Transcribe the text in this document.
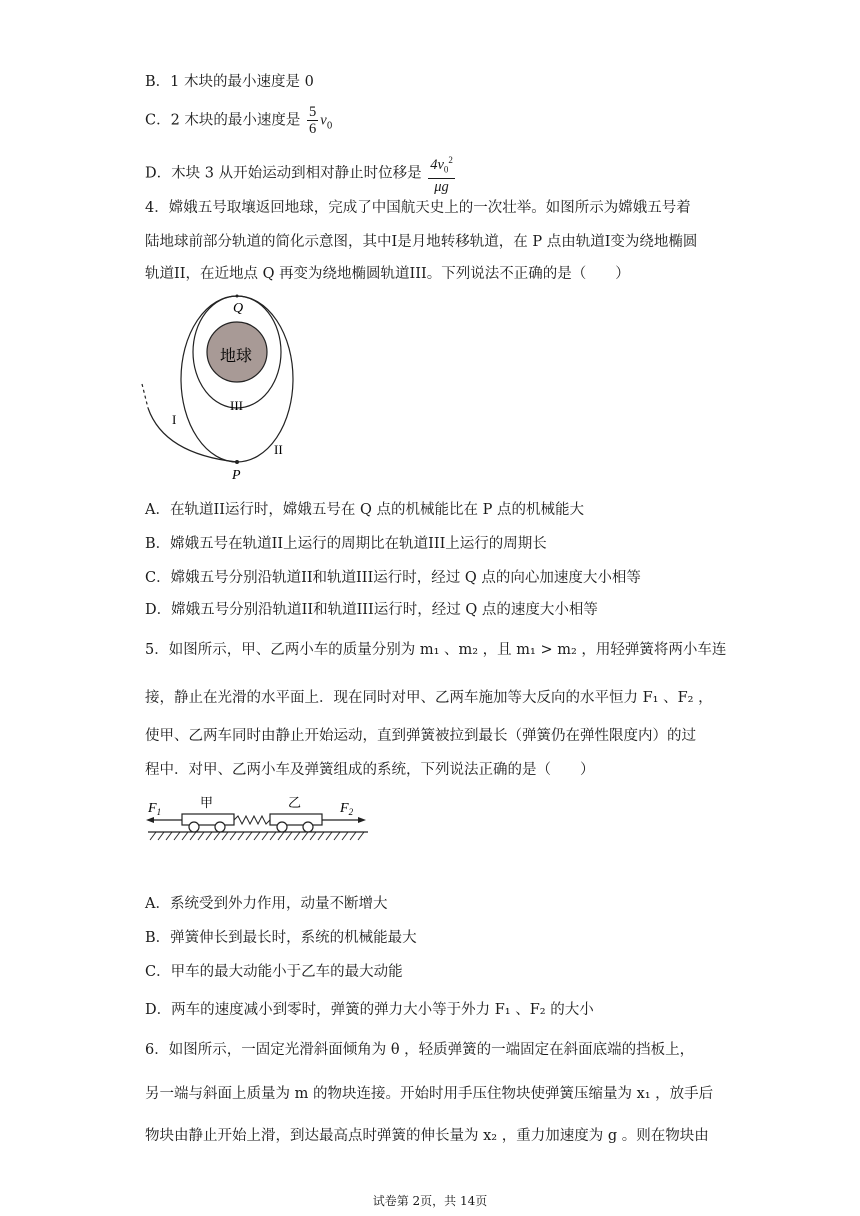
B．1 木块的最小速度是 0
C．2 木块的最小速度是 $\frac{5}{6} v_0$
D．木块 3 从开始运动到相对静止时位移是 $\frac{4v_0^2}{\mu g}$
4．嫦娥五号取壤返回地球，完成了中国航天史上的一次壮举。如图所示为嫦娥五号着
陆地球前部分轨道的简化示意图，其中I是月地转移轨道，在 P 点由轨道I变为绕地椭圆
轨道II，在近地点 Q 再变为绕地椭圆轨道III。下列说法不正确的是（　　）
Q
地球
III
I
II
P
A．在轨道II运行时，嫦娥五号在 Q 点的机械能比在 P 点的机械能大
B．嫦娥五号在轨道II上运行的周期比在轨道III上运行的周期长
C．嫦娥五号分别沿轨道II和轨道III运行时，经过 Q 点的向心加速度大小相等
D．嫦娥五号分别沿轨道II和轨道III运行时，经过 Q 点的速度大小相等
5．如图所示，甲、乙两小车的质量分别为 m₁ 、m₂ ，且 m₁ > m₂ ，用轻弹簧将两小车连
接，静止在光滑的水平面上．现在同时对甲、乙两车施加等大反向的水平恒力 F₁ 、F₂ ，
使甲、乙两车同时由静止开始运动，直到弹簧被拉到最长（弹簧仍在弹性限度内）的过
程中．对甲、乙两小车及弹簧组成的系统，下列说法正确的是（　　）
$F_1$
甲	乙	$F_2$
A．系统受到外力作用，动量不断增大
B．弹簧伸长到最长时，系统的机械能最大
C．甲车的最大动能小于乙车的最大动能
D．两车的速度减小到零时，弹簧的弹力大小等于外力 F₁ 、F₂ 的大小
6．如图所示，一固定光滑斜面倾角为 θ ，轻质弹簧的一端固定在斜面底端的挡板上，
另一端与斜面上质量为 m 的物块连接。开始时用手压住物块使弹簧压缩量为 x₁ ，放手后
物块由静止开始上滑，到达最高点时弹簧的伸长量为 x₂ ，重力加速度为 g 。则在物块由
试卷第 2页，共 14页
